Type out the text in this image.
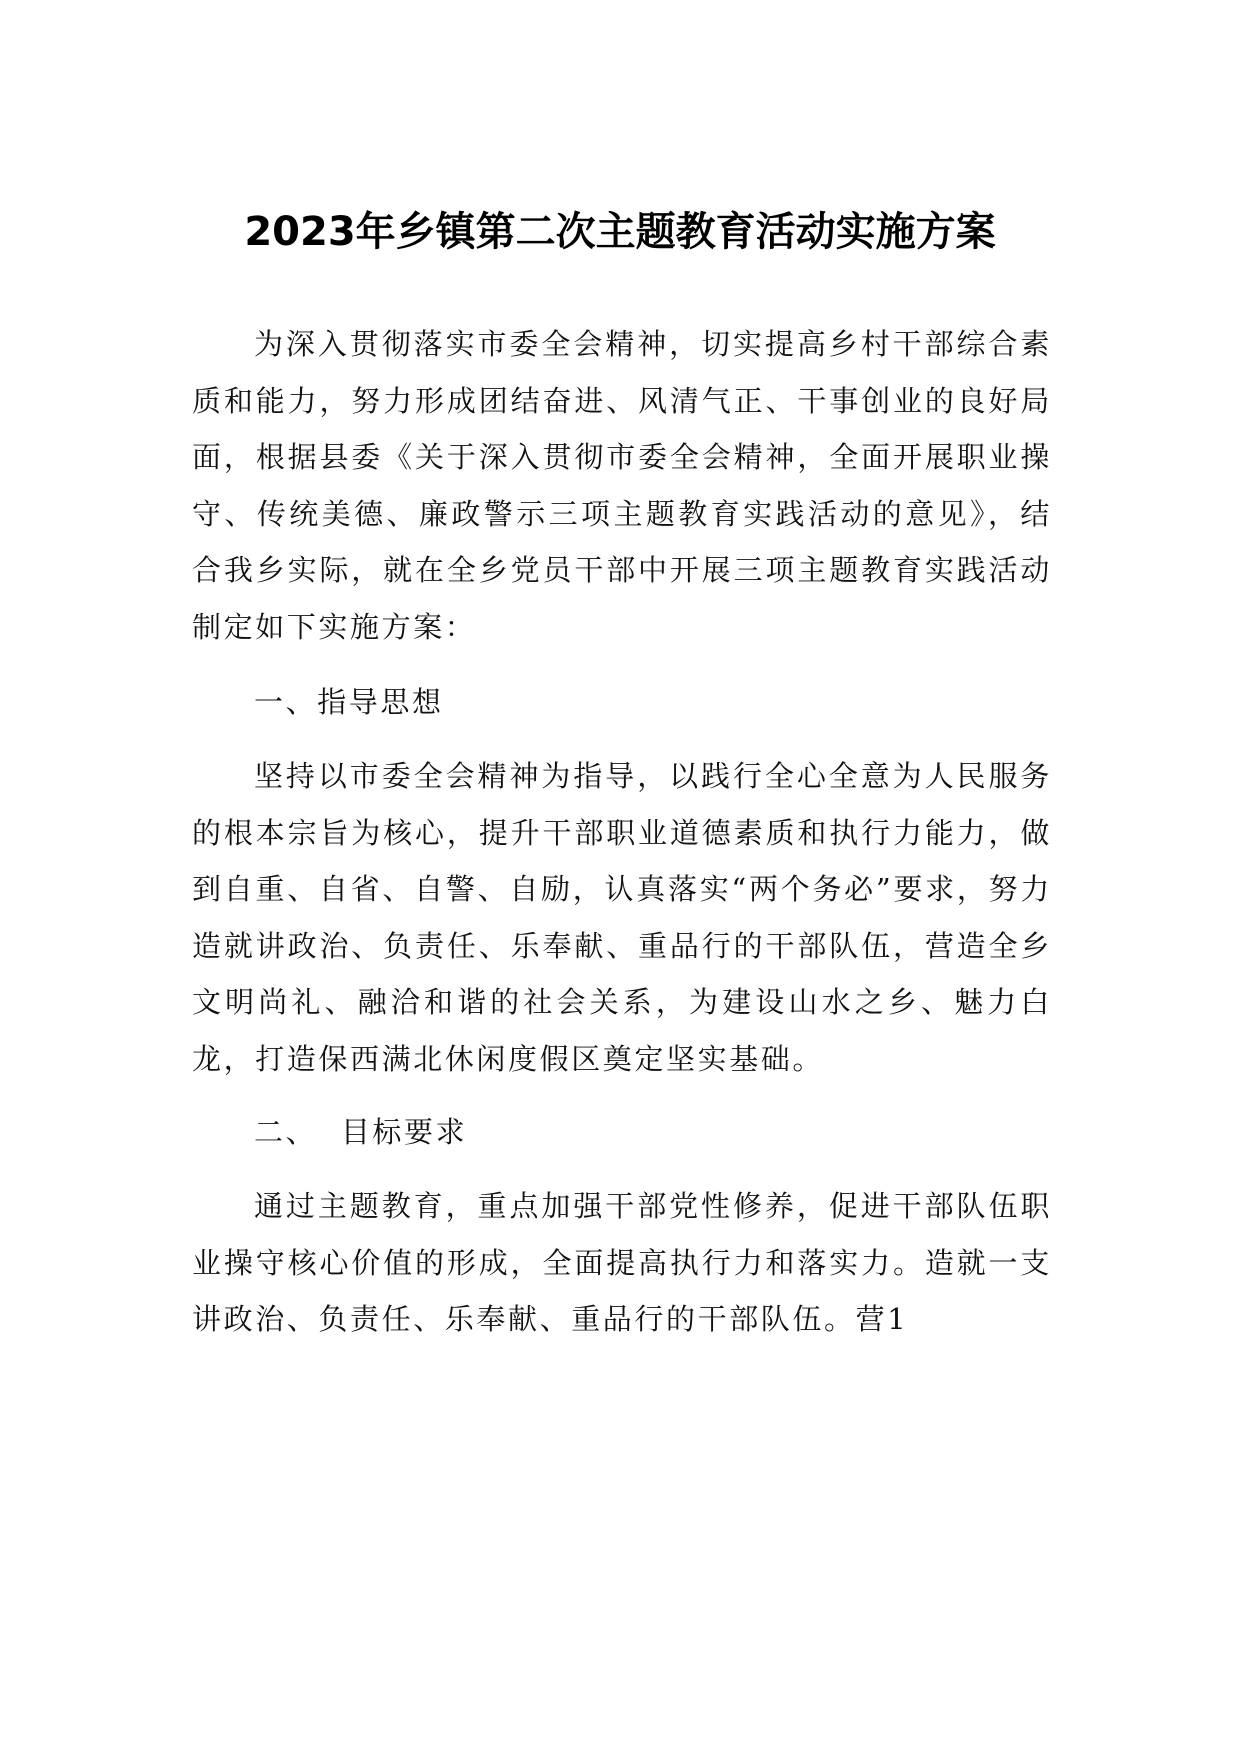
2023年乡镇第二次主题教育活动实施方案

为深入贯彻落实市委全会精神，切实提高乡村干部综合素质和能力，努力形成团结奋进、风清气正、干事创业的良好局面，根据县委《关于深入贯彻市委全会精神，全面开展职业操守、传统美德、廉政警示三项主题教育实践活动的意见》，结合我乡实际，就在全乡党员干部中开展三项主题教育实践活动制定如下实施方案：

一、指导思想

坚持以市委全会精神为指导，以践行全心全意为人民服务的根本宗旨为核心，提升干部职业道德素质和执行力能力，做到自重、自省、自警、自励，认真落实“两个务必”要求，努力造就讲政治、负责任、乐奉献、重品行的干部队伍，营造全乡文明尚礼、融洽和谐的社会关系，为建设山水之乡、魅力白龙，打造保西满北休闲度假区奠定坚实基础。

二、  目标要求

通过主题教育，重点加强干部党性修养，促进干部队伍职业操守核心价值的形成，全面提高执行力和落实力。造就一支讲政治、负责任、乐奉献、重品行的干部队伍。营1
